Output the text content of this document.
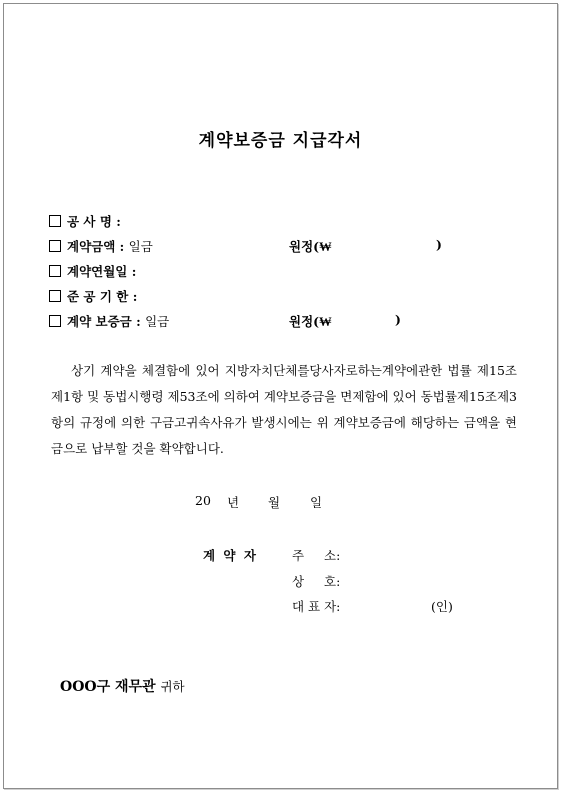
계약보증금 지급각서
공 사 명 :
계약금액 : 일금	원정(₩	)
계약연월일 :
준 공 기 한 :
계약 보증금 : 일금	원정(₩	)
상기 계약을 체결함에 있어 지방자치단체를당사자로하는계약에관한 법률 제15조제1항 및 동법시행령 제53조에 의하여 계약보증금을 면제함에 있어 동법률제15조제3항의 규정에 의한 구금고귀속사유가 발생시에는 위 계약보증금에 해당하는 금액을 현금으로 납부할 것을 확약합니다.
20 년 월 일
계 약 자	주 소:
상 호:
대 표 자:	(인)
OOO구 재무관 귀하
